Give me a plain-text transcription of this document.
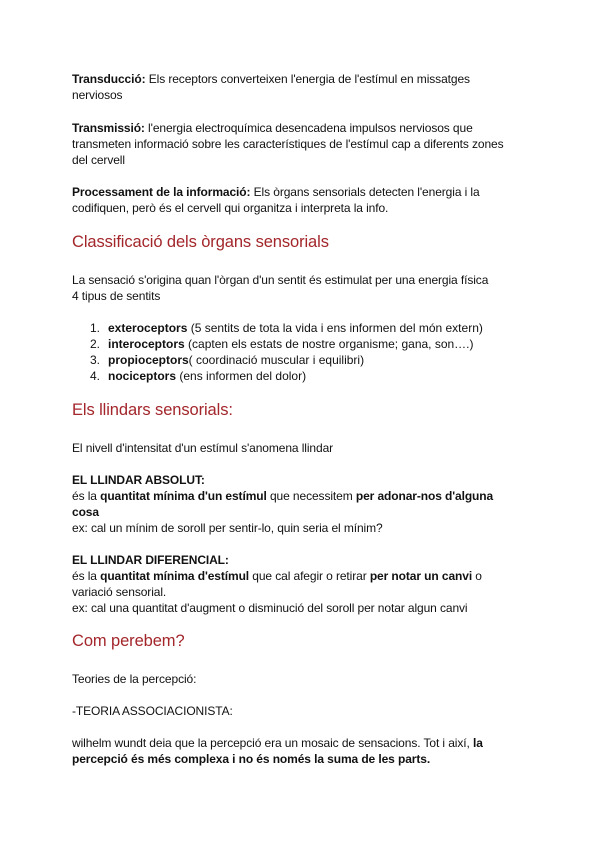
Transducció: Els receptors converteixen l'energia de l'estímul en missatges
nerviosos
Transmissió: l'energia electroquímica desencadena impulsos nerviosos que
transmeten informació sobre les característiques de l'estímul cap a diferents zones
del cervell
Processament de la informació: Els òrgans sensorials detecten l'energia i la
codifiquen, però és el cervell qui organitza i interpreta la info.
Classificació dels òrgans sensorials
La sensació s'origina quan l'òrgan d'un sentit és estimulat per una energia física
4 tipus de sentits
1. exteroceptors (5 sentits de tota la vida i ens informen del món extern)
2. interoceptors (capten els estats de nostre organisme; gana, son….)
3. propioceptors( coordinació muscular i equilibri)
4. nociceptors (ens informen del dolor)
Els llindars sensorials:
El nivell d'intensitat d'un estímul s'anomena llindar
EL LLINDAR ABSOLUT:
és la quantitat mínima d'un estímul que necessitem per adonar-nos d'alguna
cosa
ex: cal un mínim de soroll per sentir-lo, quin seria el mínim?
EL LLINDAR DIFERENCIAL:
és la quantitat mínima d'estímul que cal afegir o retirar per notar un canvi o
variació sensorial.
ex: cal una quantitat d'augment o disminució del soroll per notar algun canvi
Com perebem?
Teories de la percepció:
-TEORIA ASSOCIACIONISTA:
wilhelm wundt deia que la percepció era un mosaic de sensacions. Tot i així, la
percepció és més complexa i no és només la suma de les parts.
